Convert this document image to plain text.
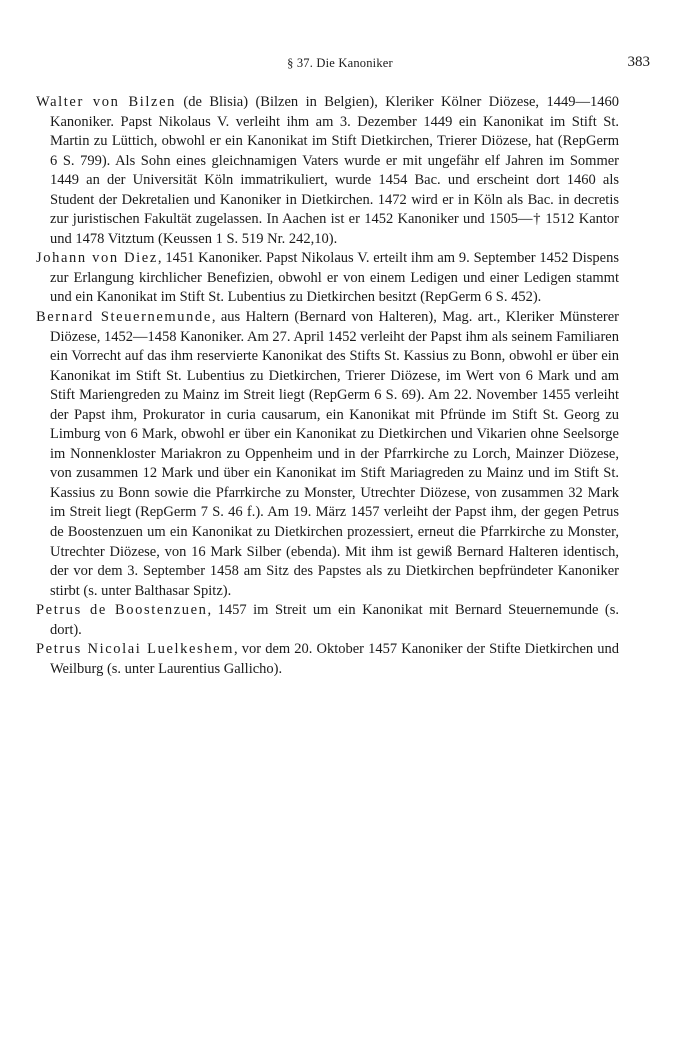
§ 37. Die Kanoniker	383

Walter von Bilzen (de Blisia) (Bilzen in Belgien), Kleriker Kölner Diözese, 1449—1460 Kanoniker. Papst Nikolaus V. verleiht ihm am 3. Dezember 1449 ein Kanonikat im Stift St. Martin zu Lüttich, obwohl er ein Kanonikat im Stift Dietkirchen, Trierer Diözese, hat (RepGerm 6 S. 799). Als Sohn eines gleichnamigen Vaters wurde er mit ungefähr elf Jahren im Sommer 1449 an der Universität Köln immatrikuliert, wurde 1454 Bac. und erscheint dort 1460 als Student der Dekretalien und Kanoniker in Dietkirchen. 1472 wird er in Köln als Bac. in decretis zur juristischen Fakultät zugelassen. In Aachen ist er 1452 Kanoniker und 1505—† 1512 Kantor und 1478 Vitztum (Keussen 1 S. 519 Nr. 242,10).

Johann von Diez, 1451 Kanoniker. Papst Nikolaus V. erteilt ihm am 9. September 1452 Dispens zur Erlangung kirchlicher Benefizien, obwohl er von einem Ledigen und einer Ledigen stammt und ein Kanonikat im Stift St. Lubentius zu Dietkirchen besitzt (RepGerm 6 S. 452).

Bernard Steuernemunde, aus Haltern (Bernard von Halteren), Mag. art., Kleriker Münsterer Diözese, 1452—1458 Kanoniker. Am 27. April 1452 verleiht der Papst ihm als seinem Familiaren ein Vorrecht auf das ihm reservierte Kanonikat des Stifts St. Kassius zu Bonn, obwohl er über ein Kanonikat im Stift St. Lubentius zu Dietkirchen, Trierer Diözese, im Wert von 6 Mark und am Stift Mariengreden zu Mainz im Streit liegt (RepGerm 6 S. 69). Am 22. November 1455 verleiht der Papst ihm, Prokurator in curia causarum, ein Kanonikat mit Pfründe im Stift St. Georg zu Limburg von 6 Mark, obwohl er über ein Kanonikat zu Dietkirchen und Vikarien ohne Seelsorge im Nonnenkloster Mariakron zu Oppenheim und in der Pfarrkirche zu Lorch, Mainzer Diözese, von zusammen 12 Mark und über ein Kanonikat im Stift Mariagreden zu Mainz und im Stift St. Kassius zu Bonn sowie die Pfarrkirche zu Monster, Utrechter Diözese, von zusammen 32 Mark im Streit liegt (RepGerm 7 S. 46 f.). Am 19. März 1457 verleiht der Papst ihm, der gegen Petrus de Boostenzuen um ein Kanonikat zu Dietkirchen prozessiert, erneut die Pfarrkirche zu Monster, Utrechter Diözese, von 16 Mark Silber (ebenda). Mit ihm ist gewiß Bernard Halteren identisch, der vor dem 3. September 1458 am Sitz des Papstes als zu Dietkirchen bepfründeter Kanoniker stirbt (s. unter Balthasar Spitz).

Petrus de Boostenzuen, 1457 im Streit um ein Kanonikat mit Bernard Steuernemunde (s. dort).

Petrus Nicolai Luelkeshem, vor dem 20. Oktober 1457 Kanoniker der Stifte Dietkirchen und Weilburg (s. unter Laurentius Gallicho).
